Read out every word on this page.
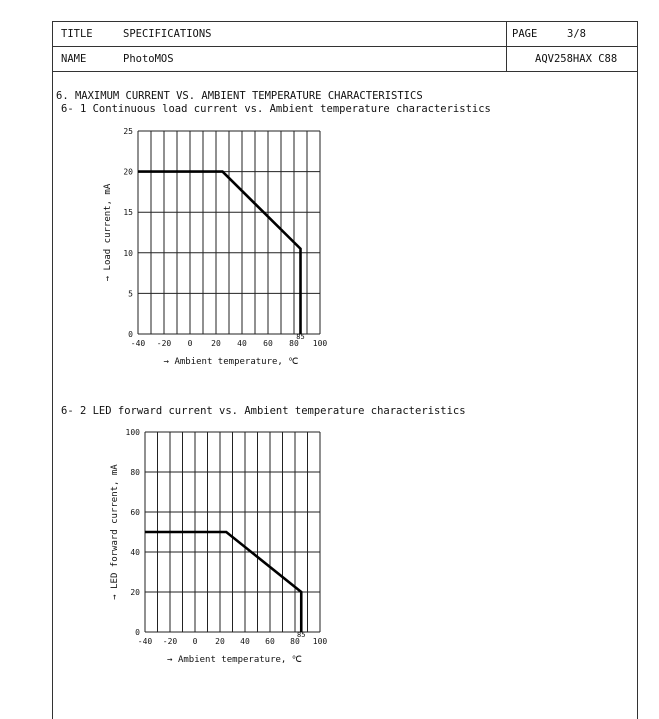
TITLE	SPECIFICATIONS	PAGE	3/8
NAME	PhotoMOS	AQV258HAX C88
6. MAXIMUM CURRENT VS. AMBIENT TEMPERATURE CHARACTERISTICS
6- 1 Continuous load current vs. Ambient temperature characteristics
6- 2 LED forward current vs. Ambient temperature characteristics
0
5
10
15
20
25
-40 -20 0 20 40 60 80 100
85
→ Ambient temperature, ℃
→ Load current, mA
0
20
40
60
80
100
-40 -20 0 20 40 60 80 100
85
→ Ambient temperature, ℃
→ LED forward current, mA
